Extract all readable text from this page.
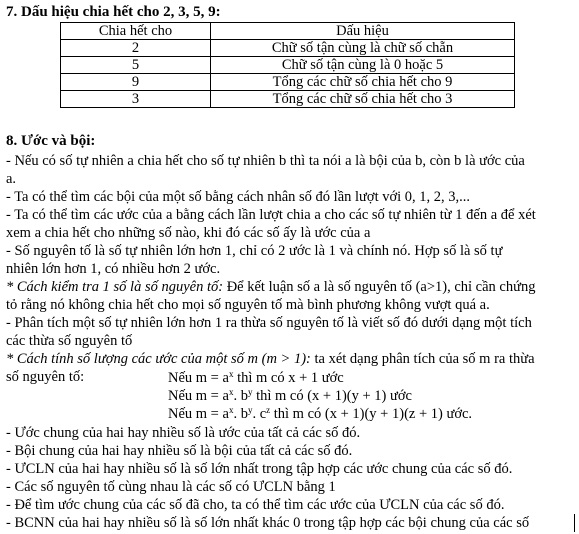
7. Dấu hiệu chia hết cho 2, 3, 5, 9:
Chia hết cho	Dấu hiệu
2	Chữ số tận cùng là chữ số chẵn
5	Chữ số tận cùng là 0 hoặc 5
9	Tổng các chữ số chia hết cho 9
3	Tổng các chữ số chia hết cho 3
8. Ước và bội:
- Nếu có số tự nhiên a chia hết cho số tự nhiên b thì ta nói a là bội của b, còn b là ước của
a.
- Ta có thể tìm các bội của một số bằng cách nhân số đó lần lượt với 0, 1, 2, 3,...
- Ta có thể tìm các ước của a bằng cách lần lượt chia a cho các số tự nhiên từ 1 đến a để xét
xem a chia hết cho những số nào, khi đó các số ấy là ước của a
- Số nguyên tố là số tự nhiên lớn hơn 1, chỉ có 2 ước là 1 và chính nó. Hợp số là số tự
nhiên lớn hơn 1, có nhiều hơn 2 ước.
* Cách kiểm tra 1 số là số nguyên tố: Để kết luận số a là số nguyên tố (a>1), chỉ cần chứng
tỏ rằng nó không chia hết cho mọi số nguyên tố mà bình phương không vượt quá a.
- Phân tích một số tự nhiên lớn hơn 1 ra thừa số nguyên tố là viết số đó dưới dạng một tích
các thừa số nguyên tố
* Cách tính số lượng các ước của một số m (m > 1): ta xét dạng phân tích của số m ra thừa
số nguyên tố:	Nếu $m = a^x$ thì m có x + 1 ước
Nếu $m = a^x$. $b^y$ thì m có (x + 1)(y + 1) ước
Nếu $m = a^x$. $b^y$. $c^z$ thì m có (x + 1)(y + 1)(z + 1) ước.
- Ước chung của hai hay nhiều số là ước của tất cả các số đó.
- Bội chung của hai hay nhiều số là bội của tất cả các số đó.
- ƯCLN của hai hay nhiều số là số lớn nhất trong tập hợp các ước chung của các số đó.
- Các số nguyên tố cùng nhau là các số có ƯCLN bằng 1
- Để tìm ước chung của các số đã cho, ta có thể tìm các ước của ƯCLN của các số đó.
- BCNN của hai hay nhiều số là số lớn nhất khác 0 trong tập hợp các bội chung của các số
